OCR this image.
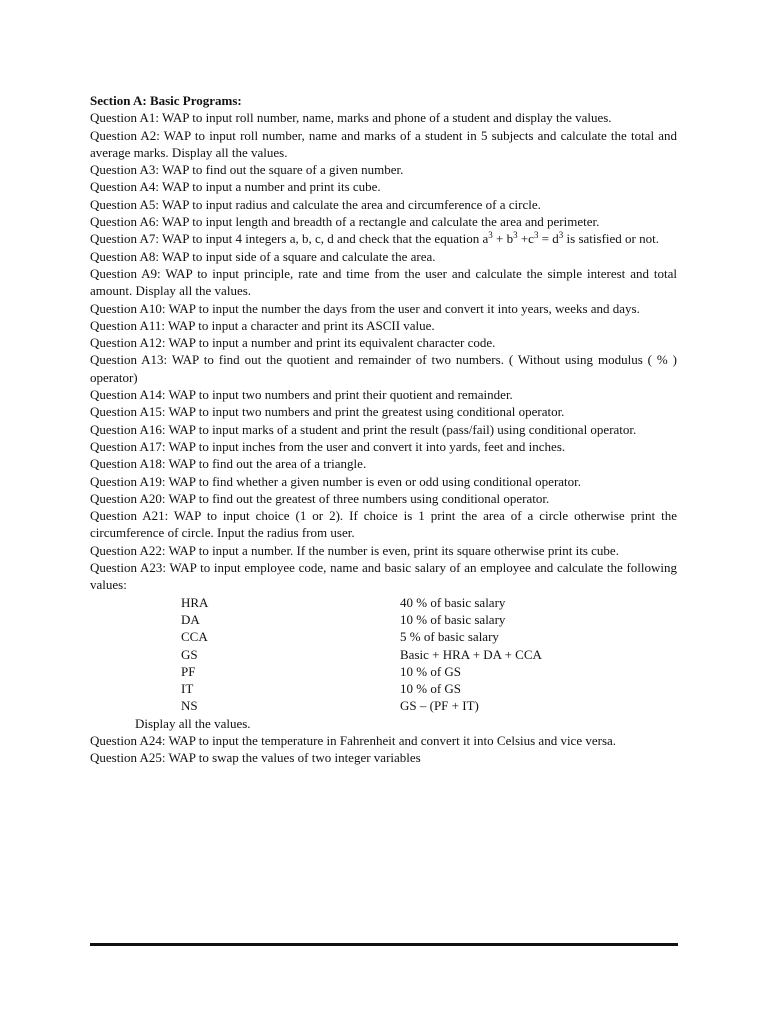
Section A: Basic Programs:
Question A1: WAP to input roll number, name, marks and phone of a student and display the values.
Question A2: WAP to input roll number, name and marks of a student in 5 subjects and calculate the total and average marks. Display all the values.
Question A3: WAP to find out the square of a given number.
Question A4: WAP to input a number and print its cube.
Question A5: WAP to input radius and calculate the area and circumference of a circle.
Question A6: WAP to input length and breadth of a rectangle and calculate the area and perimeter.
Question A7: WAP to input 4 integers a, b, c, d and check that the equation $a^3 + b^3 +c^3 = d^3$ is satisfied or not.
Question A8: WAP to input side of a square and calculate the area.
Question A9: WAP to input principle, rate and time from the user and calculate the simple interest and total amount. Display all the values.
Question A10: WAP to input the number the days from the user and convert it into years, weeks and days.
Question A11: WAP to input a character and print its ASCII value.
Question A12: WAP to input a number and print its equivalent character code.
Question A13: WAP to find out the quotient and remainder of two numbers. ( Without using modulus ( % ) operator)
Question A14: WAP to input two numbers and print their quotient and remainder.
Question A15: WAP to input two numbers and print the greatest using conditional operator.
Question A16: WAP to input marks of a student and print the result (pass/fail) using conditional operator.
Question A17: WAP to input inches from the user and convert it into yards, feet and inches.
Question A18: WAP to find out the area of a triangle.
Question A19: WAP to find whether a given number is even or odd using conditional operator.
Question A20: WAP to find out the greatest of three numbers using conditional operator.
Question A21: WAP to input choice (1 or 2). If choice is 1 print the area of a circle otherwise print the circumference of circle. Input the radius from user.
Question A22: WAP to input a number. If the number is even, print its square otherwise print its cube.
Question A23: WAP to input employee code, name and basic salary of an employee and calculate the following values:
HRA	40 % of basic salary
DA	10 % of basic salary
CCA	5 % of basic salary
GS	Basic + HRA + DA + CCA
PF	10 % of GS
IT	10 % of GS
NS	GS – (PF + IT)
Display all the values.
Question A24: WAP to input the temperature in Fahrenheit and convert it into Celsius and vice versa.
Question A25: WAP to swap the values of two integer variables
